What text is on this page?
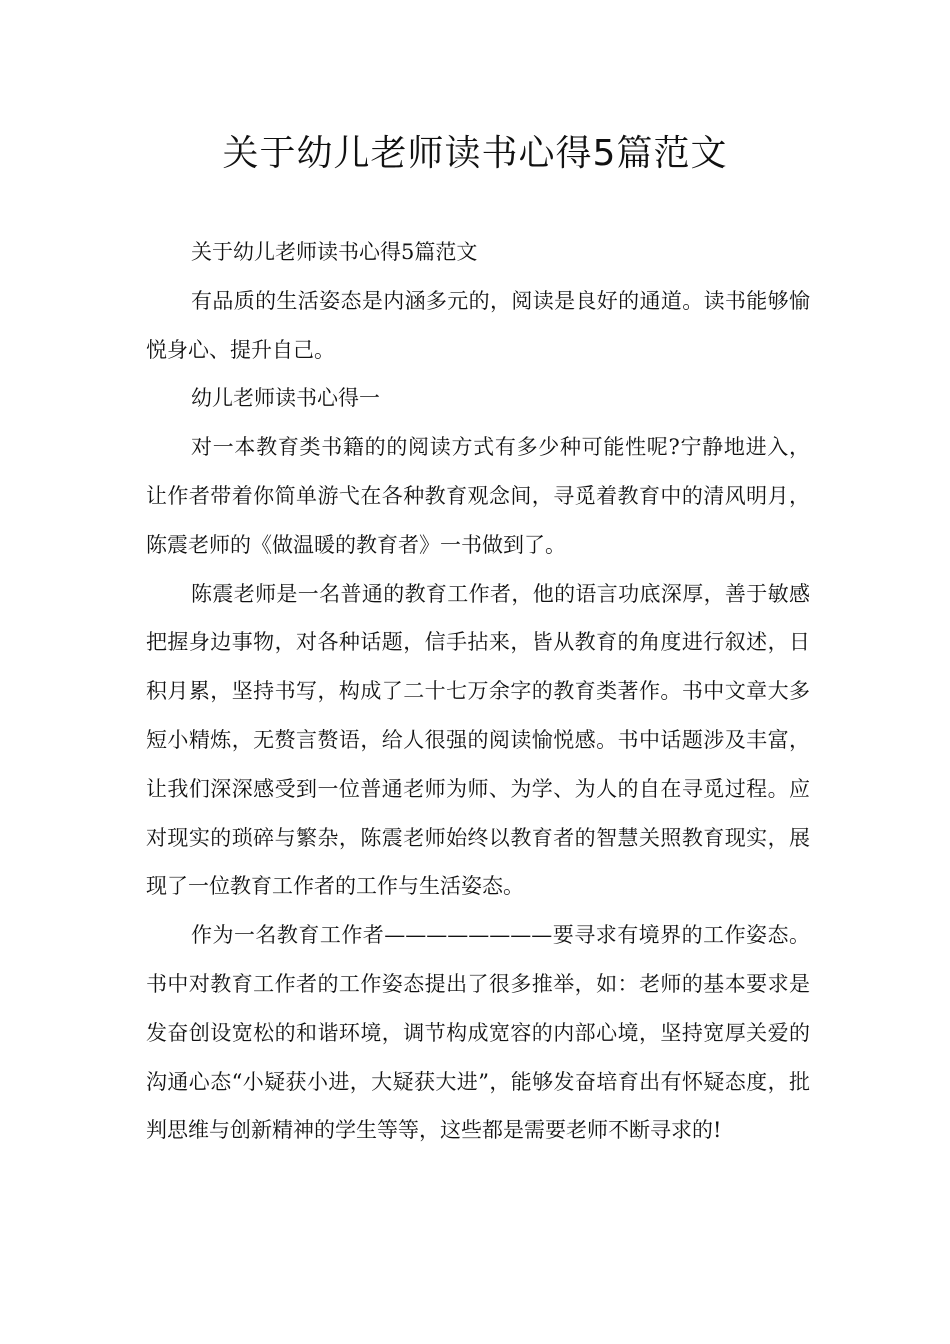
关于幼儿老师读书心得5篇范文

关于幼儿老师读书心得5篇范文

有品质的生活姿态是内涵多元的，阅读是良好的通道。读书能够愉悦身心、提升自己。

幼儿老师读书心得一

对一本教育类书籍的的阅读方式有多少种可能性呢?宁静地进入，让作者带着你简单游弋在各种教育观念间，寻觅着教育中的清风明月，陈震老师的《做温暖的教育者》一书做到了。

陈震老师是一名普通的教育工作者，他的语言功底深厚，善于敏感把握身边事物，对各种话题，信手拈来，皆从教育的角度进行叙述，日积月累，坚持书写，构成了二十七万余字的教育类著作。书中文章大多短小精炼，无赘言赘语，给人很强的阅读愉悦感。书中话题涉及丰富，让我们深深感受到一位普通老师为师、为学、为人的自在寻觅过程。应对现实的琐碎与繁杂，陈震老师始终以教育者的智慧关照教育现实，展现了一位教育工作者的工作与生活姿态。

作为一名教育工作者————————要寻求有境界的工作姿态。书中对教育工作者的工作姿态提出了很多推举，如：老师的基本要求是发奋创设宽松的和谐环境，调节构成宽容的内部心境，坚持宽厚关爱的沟通心态“小疑获小进，大疑获大进”，能够发奋培育出有怀疑态度，批判思维与创新精神的学生等等，这些都是需要老师不断寻求的!
